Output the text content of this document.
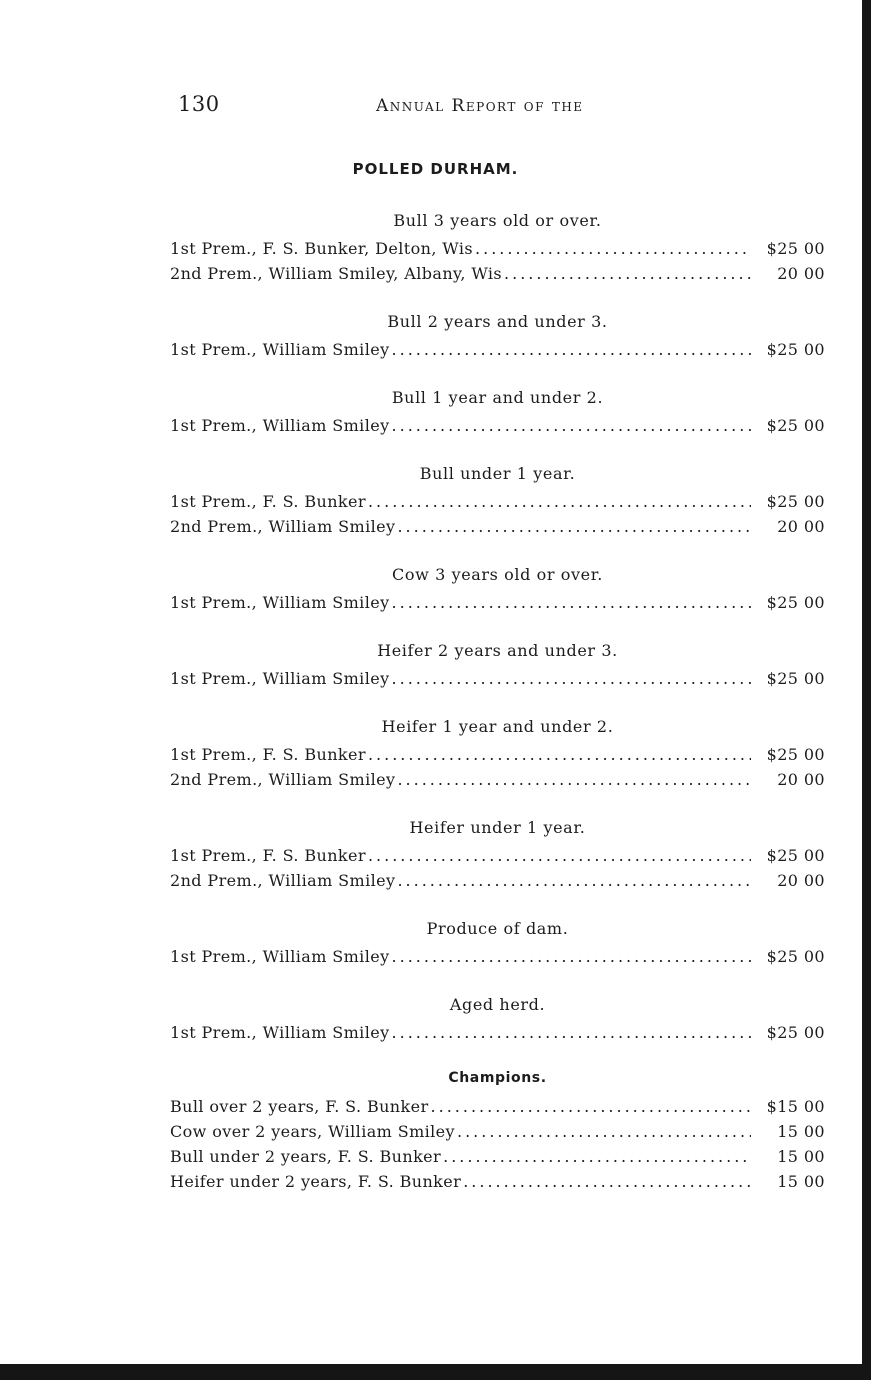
130	Annual Report of the
POLLED DURHAM.
Bull 3 years old or over.
1st Prem., F. S. Bunker, Delton, Wis .....	$25 00
2nd Prem., William Smiley, Albany, Wis .....	20 00
Bull 2 years and under 3.
1st Prem., William Smiley .....	$25 00
Bull 1 year and under 2.
1st Prem., William Smiley .....	$25 00
Bull under 1 year.
1st Prem., F. S. Bunker .....	$25 00
2nd Prem., William Smiley .....	20 00
Cow 3 years old or over.
1st Prem., William Smiley .....	$25 00
Heifer 2 years and under 3.
1st Prem., William Smiley .....	$25 00
Heifer 1 year and under 2.
1st Prem., F. S. Bunker .....	$25 00
2nd Prem., William Smiley .....	20 00
Heifer under 1 year.
1st Prem., F. S. Bunker .....	$25 00
2nd Prem., William Smiley .....	20 00
Produce of dam.
1st Prem., William Smiley .....	$25 00
Aged herd.
1st Prem., William Smiley .....	$25 00
Champions.
Bull over 2 years, F. S. Bunker .....	$15 00
Cow over 2 years, William Smiley .....	15 00
Bull under 2 years, F. S. Bunker .....	15 00
Heifer under 2 years, F. S. Bunker .....	15 00
